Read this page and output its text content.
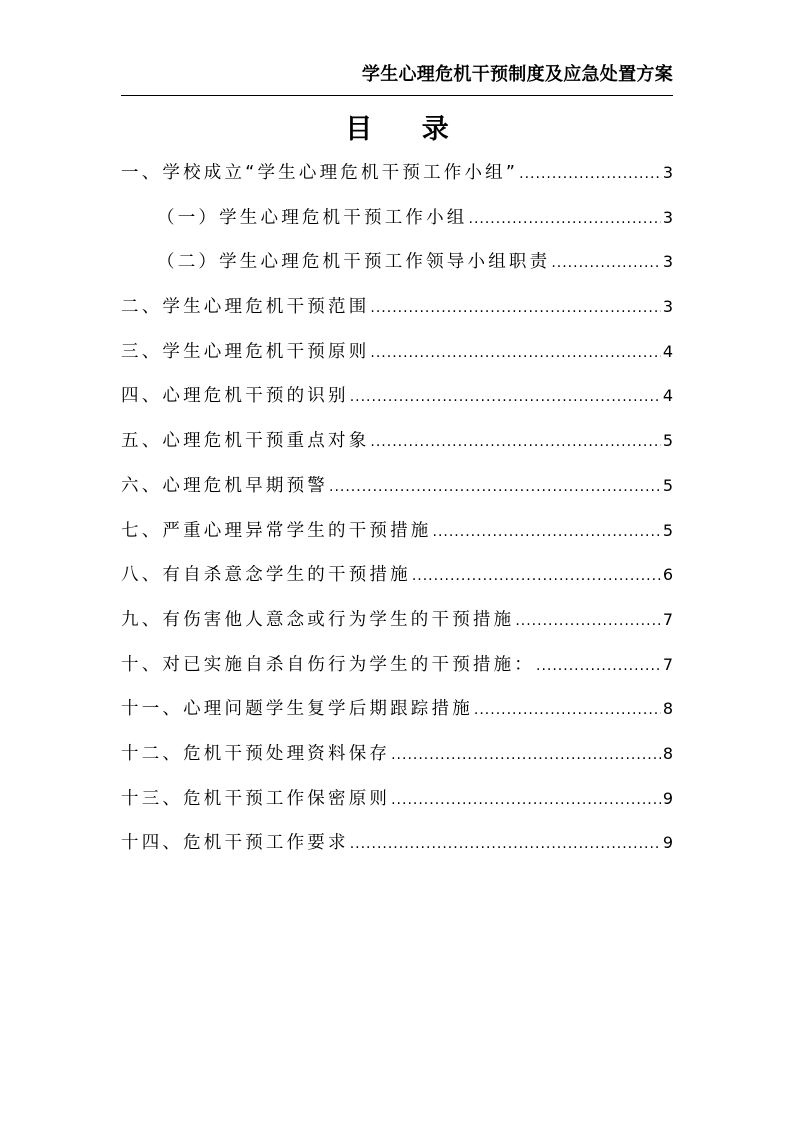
学生心理危机干预制度及应急处置方案
目 录
一、学校成立“学生心理危机干预工作小组” .....	3
（一）学生心理危机干预工作小组 .....	3
（二）学生心理危机干预工作领导小组职责 .....	3
二、学生心理危机干预范围 .....	3
三、学生心理危机干预原则 .....	4
四、心理危机干预的识别 .....	4
五、心理危机干预重点对象 .....	5
六、心理危机早期预警 .....	5
七、严重心理异常学生的干预措施 .....	5
八、有自杀意念学生的干预措施 .....	6
九、有伤害他人意念或行为学生的干预措施 .....	7
十、对已实施自杀自伤行为学生的干预措施： .....	7
十一、心理问题学生复学后期跟踪措施 .....	8
十二、危机干预处理资料保存 .....	8
十三、危机干预工作保密原则 .....	9
十四、危机干预工作要求 .....	9
